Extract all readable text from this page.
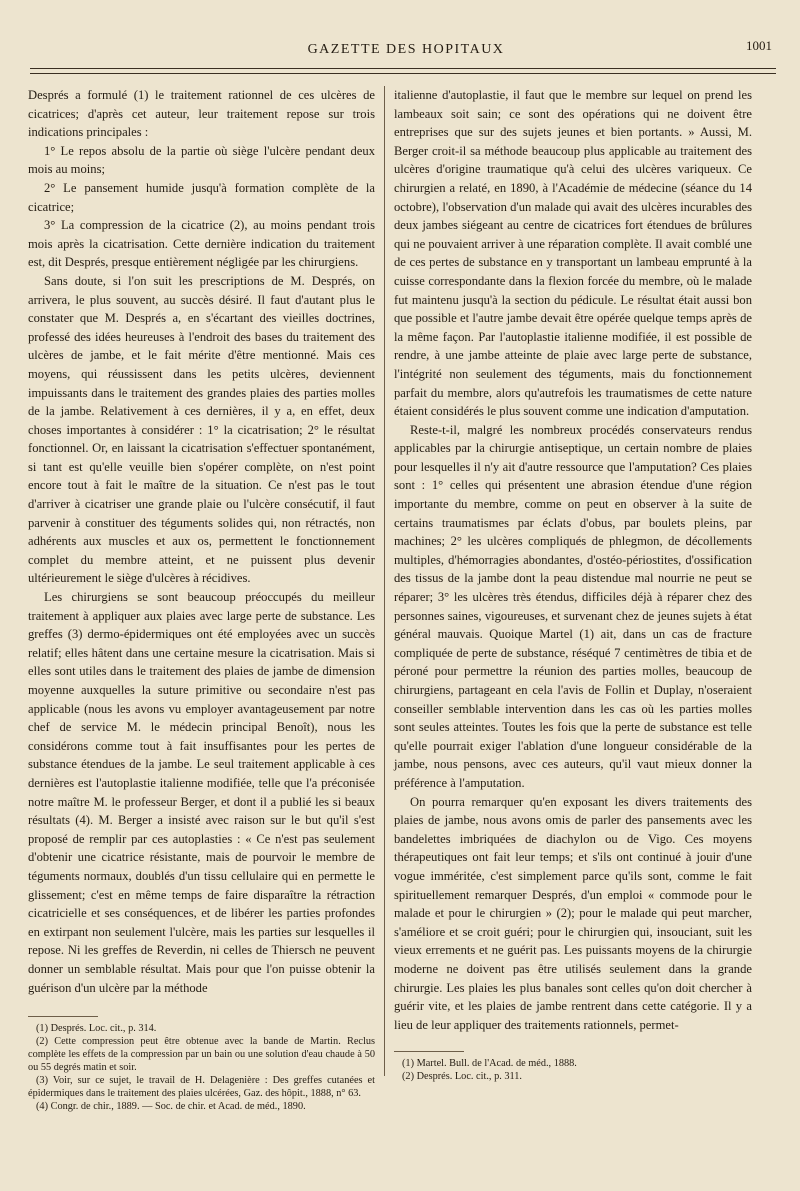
GAZETTE DES HOPITAUX	1001

Després a formulé (1) le traitement rationnel de ces ulcères de cicatrices; d'après cet auteur, leur traitement repose sur trois indications principales :

1° Le repos absolu de la partie où siège l'ulcère pendant deux mois au moins;

2° Le pansement humide jusqu'à formation complète de la cicatrice;

3° La compression de la cicatrice (2), au moins pendant trois mois après la cicatrisation. Cette dernière indication du traitement est, dit Després, presque entièrement négligée par les chirurgiens.

Sans doute, si l'on suit les prescriptions de M. Després, on arrivera, le plus souvent, au succès désiré. Il faut d'autant plus le constater que M. Després a, en s'écartant des vieilles doctrines, professé des idées heureuses à l'endroit des bases du traitement des ulcères de jambe, et le fait mérite d'être mentionné. Mais ces moyens, qui réussissent dans les petits ulcères, deviennent impuissants dans le traitement des grandes plaies des parties molles de la jambe. Relativement à ces dernières, il y a, en effet, deux choses importantes à considérer : 1° la cicatrisation; 2° le résultat fonctionnel. Or, en laissant la cicatrisation s'effectuer spontanément, si tant est qu'elle veuille bien s'opérer complète, on n'est point encore tout à fait le maître de la situation. Ce n'est pas le tout d'arriver à cicatriser une grande plaie ou l'ulcère consécutif, il faut parvenir à constituer des téguments solides qui, non rétractés, non adhérents aux muscles et aux os, permettent le fonctionnement complet du membre atteint, et ne puissent plus devenir ultérieurement le siège d'ulcères à récidives.

Les chirurgiens se sont beaucoup préoccupés du meilleur traitement à appliquer aux plaies avec large perte de substance. Les greffes (3) dermo-épidermiques ont été employées avec un succès relatif; elles hâtent dans une certaine mesure la cicatrisation. Mais si elles sont utiles dans le traitement des plaies de jambe de dimension moyenne auxquelles la suture primitive ou secondaire n'est pas applicable (nous les avons vu employer avantageusement par notre chef de service M. le médecin principal Benoît), nous les considérons comme tout à fait insuffisantes pour les pertes de substance étendues de la jambe. Le seul traitement applicable à ces dernières est l'autoplastie italienne modifiée, telle que l'a préconisée notre maître M. le professeur Berger, et dont il a publié les si beaux résultats (4). M. Berger a insisté avec raison sur le but qu'il s'est proposé de remplir par ces autoplasties : « Ce n'est pas seulement d'obtenir une cicatrice résistante, mais de pourvoir le membre de téguments normaux, doublés d'un tissu cellulaire qui en permette le glissement; c'est en même temps de faire disparaître la rétraction cicatricielle et ses conséquences, et de libérer les parties profondes en extirpant non seulement l'ulcère, mais les parties sur lesquelles il repose. Ni les greffes de Reverdin, ni celles de Thiersch ne peuvent donner un semblable résultat. Mais pour que l'on puisse obtenir la guérison d'un ulcère par la méthode

italienne d'autoplastie, il faut que le membre sur lequel on prend les lambeaux soit sain; ce sont des opérations qui ne doivent être entreprises que sur des sujets jeunes et bien portants. » Aussi, M. Berger croit-il sa méthode beaucoup plus applicable au traitement des ulcères d'origine traumatique qu'à celui des ulcères variqueux. Ce chirurgien a relaté, en 1890, à l'Académie de médecine (séance du 14 octobre), l'observation d'un malade qui avait des ulcères incurables des deux jambes siégeant au centre de cicatrices fort étendues de brûlures qui ne pouvaient arriver à une réparation complète. Il avait comblé une de ces pertes de substance en y transportant un lambeau emprunté à la cuisse correspondante dans la flexion forcée du membre, où le malade fut maintenu jusqu'à la section du pédicule. Le résultat était aussi bon que possible et l'autre jambe devait être opérée quelque temps après de la même façon. Par l'autoplastie italienne modifiée, il est possible de rendre, à une jambe atteinte de plaie avec large perte de substance, l'intégrité non seulement des téguments, mais du fonctionnement parfait du membre, alors qu'autrefois les traumatismes de cette nature étaient considérés le plus souvent comme une indication d'amputation.

Reste-t-il, malgré les nombreux procédés conservateurs rendus applicables par la chirurgie antiseptique, un certain nombre de plaies pour lesquelles il n'y ait d'autre ressource que l'amputation? Ces plaies sont : 1° celles qui présentent une abrasion étendue d'une région importante du membre, comme on peut en observer à la suite de certains traumatismes par éclats d'obus, par boulets pleins, par machines; 2° les ulcères compliqués de phlegmon, de décollements multiples, d'hémorragies abondantes, d'ostéo-périostites, d'ossification des tissus de la jambe dont la peau distendue mal nourrie ne peut se réparer; 3° les ulcères très étendus, difficiles déjà à réparer chez des personnes saines, vigoureuses, et survenant chez de jeunes sujets à état général mauvais. Quoique Martel (1) ait, dans un cas de fracture compliquée de perte de substance, réséqué 7 centimètres de tibia et de péroné pour permettre la réunion des parties molles, beaucoup de chirurgiens, partageant en cela l'avis de Follin et Duplay, n'oseraient conseiller semblable intervention dans les cas où les parties molles sont seules atteintes. Toutes les fois que la perte de substance est telle qu'elle pourrait exiger l'ablation d'une longueur considérable de la jambe, nous pensons, avec ces auteurs, qu'il vaut mieux donner la préférence à l'amputation.

On pourra remarquer qu'en exposant les divers traitements des plaies de jambe, nous avons omis de parler des pansements avec les bandelettes imbriquées de diachylon ou de Vigo. Ces moyens thérapeutiques ont fait leur temps; et s'ils ont continué à jouir d'une vogue imméritée, c'est simplement parce qu'ils sont, comme le fait spirituellement remarquer Després, d'un emploi « commode pour le malade et pour le chirurgien » (2); pour le malade qui peut marcher, s'améliore et se croit guéri; pour le chirurgien qui, insouciant, suit les vieux errements et ne guérit pas. Les puissants moyens de la chirurgie moderne ne doivent pas être utilisés seulement dans la grande chirurgie. Les plaies les plus banales sont celles qu'on doit chercher à guérir vite, et les plaies de jambe rentrent dans cette catégorie. Il y a lieu de leur appliquer des traitements rationnels, permet-

(1) Després. Loc. cit., p. 314.

(2) Cette compression peut être obtenue avec la bande de Martin. Reclus complète les effets de la compression par un bain ou une solution d'eau chaude à 50 ou 55 degrés matin et soir.

(3) Voir, sur ce sujet, le travail de H. Delagenière : Des greffes cutanées et épidermiques dans le traitement des plaies ulcérées, Gaz. des hôpit., 1888, n° 63.

(4) Congr. de chir., 1889. — Soc. de chir. et Acad. de méd., 1890.

(1) Martel. Bull. de l'Acad. de méd., 1888.

(2) Després. Loc. cit., p. 311.
